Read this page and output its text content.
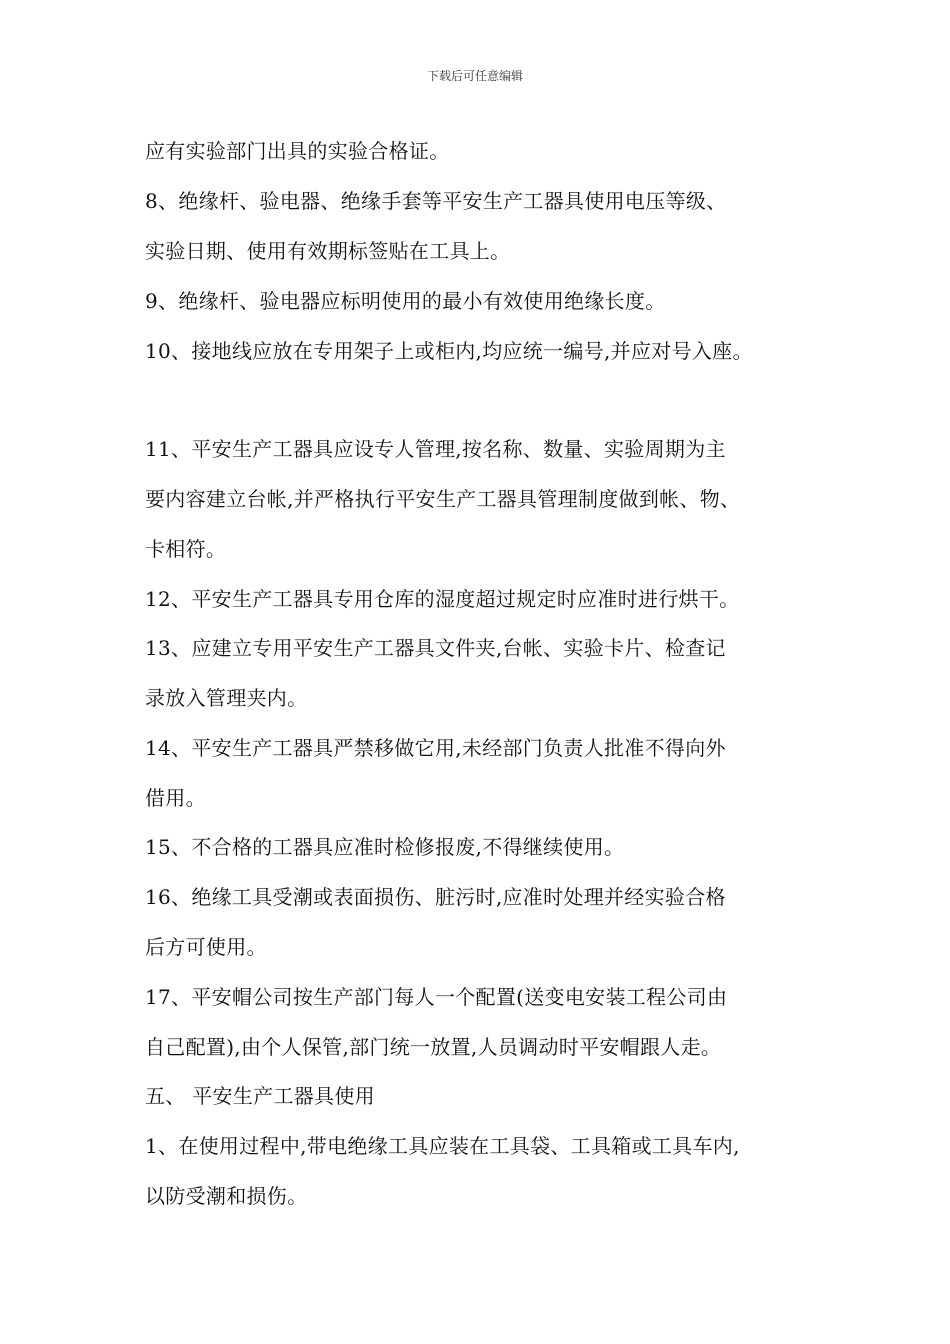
下载后可任意编辑
应有实验部门出具的实验合格证。
8、绝缘杆、验电器、绝缘手套等平安生产工器具使用电压等级、
实验日期、使用有效期标签贴在工具上。
9、绝缘杆、验电器应标明使用的最小有效使用绝缘长度。
10、接地线应放在专用架子上或柜内,均应统一编号,并应对号入座。
11、平安生产工器具应设专人管理,按名称、数量、实验周期为主
要内容建立台帐,并严格执行平安生产工器具管理制度做到帐、物、
卡相符。
12、平安生产工器具专用仓库的湿度超过规定时应准时进行烘干。
13、应建立专用平安生产工器具文件夹,台帐、实验卡片、检查记
录放入管理夹内。
14、平安生产工器具严禁移做它用,未经部门负责人批准不得向外
借用。
15、不合格的工器具应准时检修报废,不得继续使用。
16、绝缘工具受潮或表面损伤、脏污时,应准时处理并经实验合格
后方可使用。
17、平安帽公司按生产部门每人一个配置(送变电安装工程公司由
自己配置),由个人保管,部门统一放置,人员调动时平安帽跟人走。
五、 平安生产工器具使用
1、在使用过程中,带电绝缘工具应装在工具袋、工具箱或工具车内,
以防受潮和损伤。
